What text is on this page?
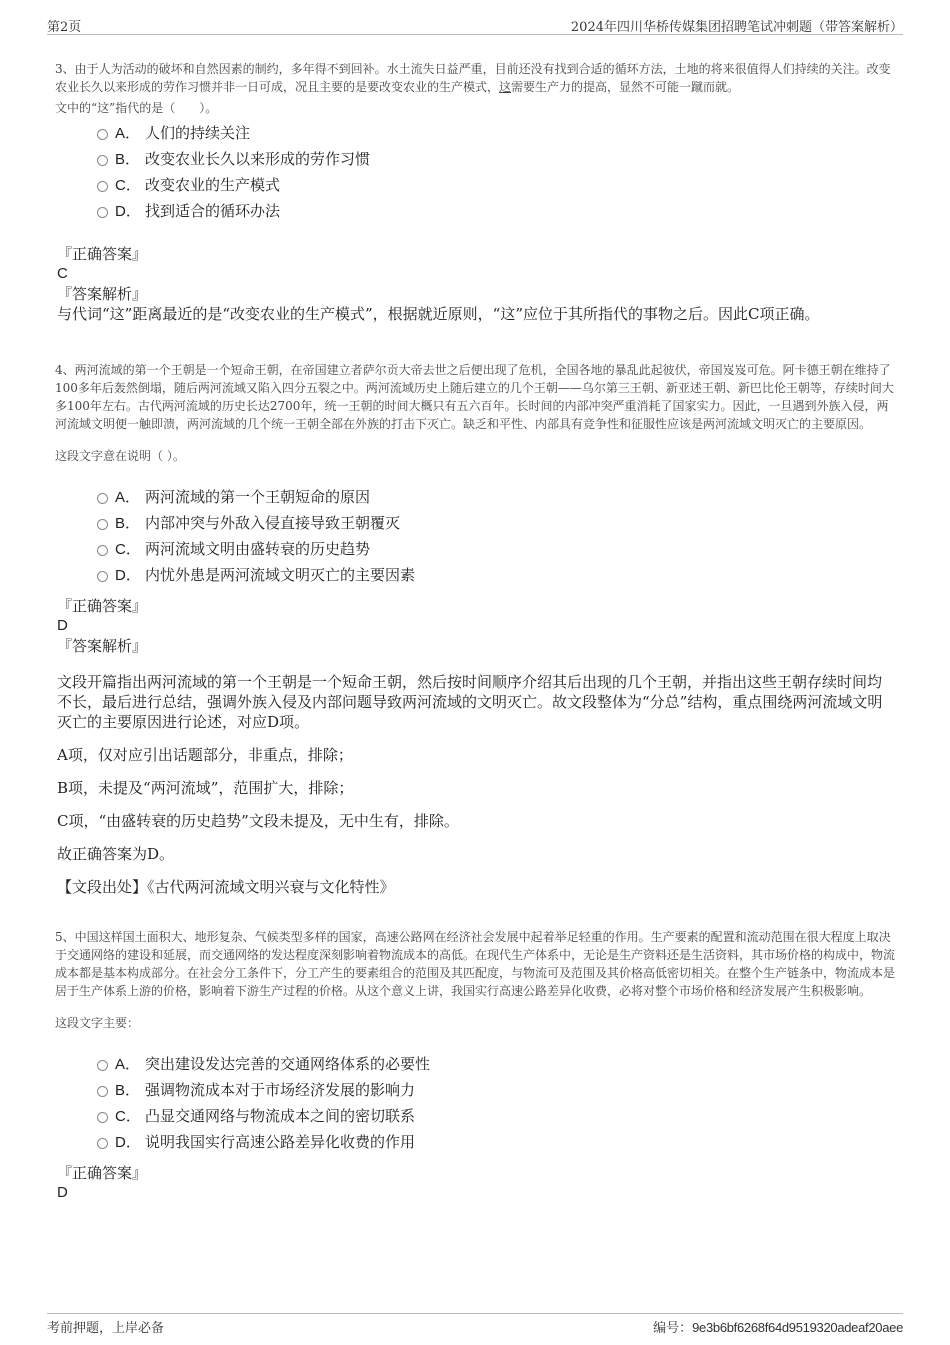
第2页	2024年四川华桥传媒集团招聘笔试冲刺题（带答案解析）
3、由于人为活动的破坏和自然因素的制约，多年得不到回补。水土流失日益严重，目前还没有找到合适的循环方法，土地的将来很值得人们持续的关注。改变农业长久以来形成的劳作习惯并非一日可成，况且主要的是要改变农业的生产模式，这需要生产力的提高，显然不可能一蹴而就。
文中的“这”指代的是（　　）。
A． 人们的持续关注
B． 改变农业长久以来形成的劳作习惯
C． 改变农业的生产模式
D． 找到适合的循环办法
『正确答案』
C
『答案解析』
与代词“这”距离最近的是“改变农业的生产模式”，根据就近原则，“这”应位于其所指代的事物之后。因此C项正确。
4、两河流域的第一个王朝是一个短命王朝，在帝国建立者萨尔贡大帝去世之后便出现了危机，全国各地的暴乱此起彼伏，帝国岌岌可危。阿卡德王朝在维持了100多年后轰然倒塌，随后两河流域又陷入四分五裂之中。两河流域历史上随后建立的几个王朝——乌尔第三王朝、新亚述王朝、新巴比伦王朝等，存续时间大多100年左右。古代两河流域的历史长达2700年，统一王朝的时间大概只有五六百年。长时间的内部冲突严重消耗了国家实力。因此，一旦遇到外族入侵，两河流域文明便一触即溃，两河流域的几个统一王朝全部在外族的打击下灭亡。缺乏和平性、内部具有竞争性和征服性应该是两河流域文明灭亡的主要原因。
这段文字意在说明（ ）。
A． 两河流域的第一个王朝短命的原因
B． 内部冲突与外敌入侵直接导致王朝覆灭
C． 两河流域文明由盛转衰的历史趋势
D． 内忧外患是两河流域文明灭亡的主要因素
『正确答案』
D
『答案解析』
文段开篇指出两河流域的第一个王朝是一个短命王朝，然后按时间顺序介绍其后出现的几个王朝，并指出这些王朝存续时间均不长，最后进行总结，强调外族入侵及内部问题导致两河流域的文明灭亡。故文段整体为“分总”结构，重点围绕两河流域文明灭亡的主要原因进行论述，对应D项。
A项，仅对应引出话题部分，非重点，排除；
B项，未提及“两河流域”，范围扩大，排除；
C项，“由盛转衰的历史趋势”文段未提及，无中生有，排除。
故正确答案为D。
【文段出处】《古代两河流域文明兴衰与文化特性》
5、中国这样国土面积大、地形复杂、气候类型多样的国家，高速公路网在经济社会发展中起着举足轻重的作用。生产要素的配置和流动范围在很大程度上取决于交通网络的建设和延展，而交通网络的发达程度深刻影响着物流成本的高低。在现代生产体系中，无论是生产资料还是生活资料，其市场价格的构成中，物流成本都是基本构成部分。在社会分工条件下，分工产生的要素组合的范围及其匹配度，与物流可及范围及其价格高低密切相关。在整个生产链条中，物流成本是居于生产体系上游的价格，影响着下游生产过程的价格。从这个意义上讲，我国实行高速公路差异化收费，必将对整个市场价格和经济发展产生积极影响。
这段文字主要：
A． 突出建设发达完善的交通网络体系的必要性
B． 强调物流成本对于市场经济发展的影响力
C． 凸显交通网络与物流成本之间的密切联系
D． 说明我国实行高速公路差异化收费的作用
『正确答案』
D
考前押题，上岸必备	编号：9e3b6bf6268f64d9519320adeaf20aee
